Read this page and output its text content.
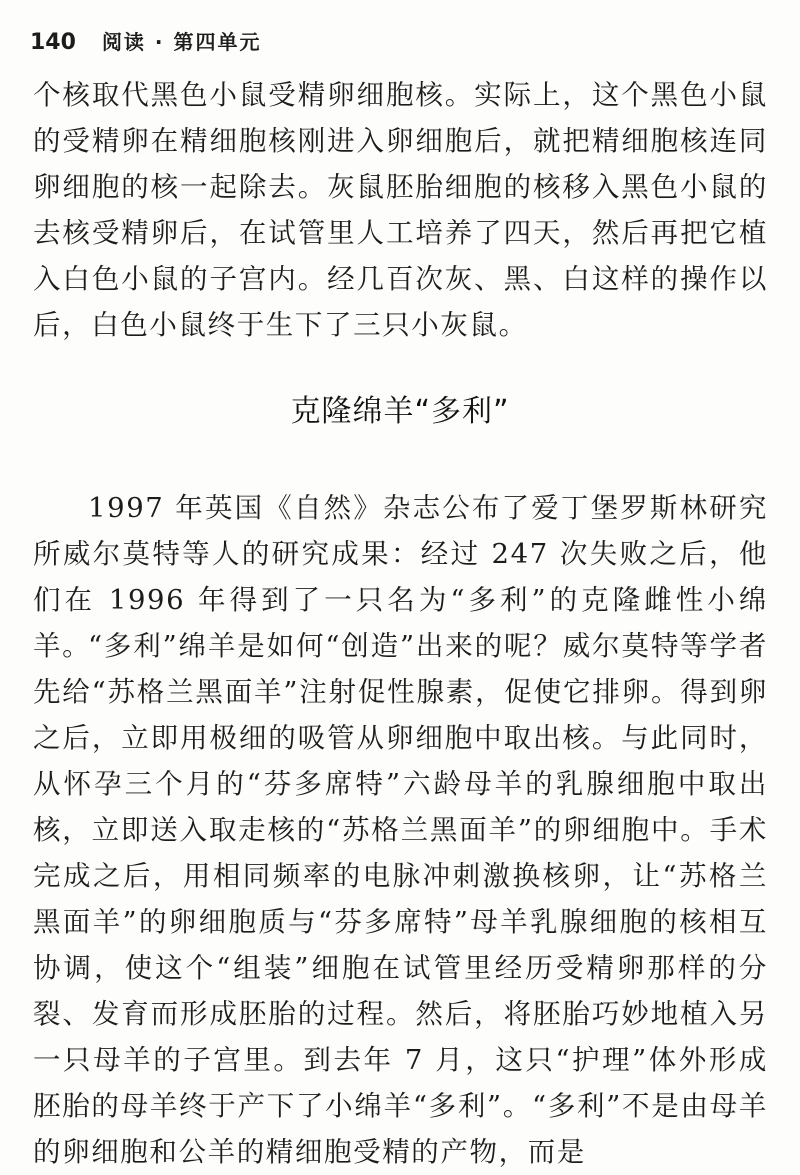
140 阅读 · 第四单元

个核取代黑色小鼠受精卵细胞核。实际上，这个黑色小鼠的受精卵在精细胞核刚进入卵细胞后，就把精细胞核连同卵细胞的核一起除去。灰鼠胚胎细胞的核移入黑色小鼠的去核受精卵后，在试管里人工培养了四天，然后再把它植入白色小鼠的子宫内。经几百次灰、黑、白这样的操作以后，白色小鼠终于生下了三只小灰鼠。

克隆绵羊“多利”

1997 年英国《自然》杂志公布了爱丁堡罗斯林研究所威尔莫特等人的研究成果：经过 247 次失败之后，他们在 1996 年得到了一只名为“多利”的克隆雌性小绵羊。

“多利”绵羊是如何“创造”出来的呢？威尔莫特等学者先给“苏格兰黑面羊”注射促性腺素，促使它排卵。得到卵之后，立即用极细的吸管从卵细胞中取出核。与此同时，从怀孕三个月的“芬多席特”六龄母羊的乳腺细胞中取出核，立即送入取走核的“苏格兰黑面羊”的卵细胞中。手术完成之后，用相同频率的电脉冲刺激换核卵，让“苏格兰黑面羊”的卵细胞质与“芬多席特”母羊乳腺细胞的核相互协调，使这个“组装”细胞在试管里经历受精卵那样的分裂、发育而形成胚胎的过程。然后，将胚胎巧妙地植入另一只母羊的子宫里。到去年 7 月，这只“护理”体外形成胚胎的母羊终于产下了小绵羊“多利”。“多利”不是由母羊的卵细胞和公羊的精细胞受精的产物，而是
